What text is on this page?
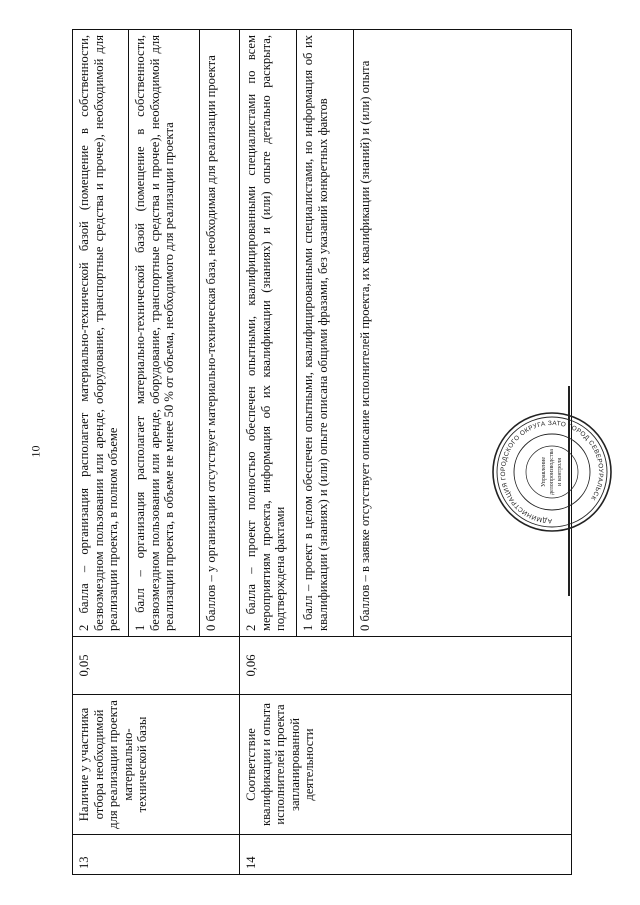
10
13	Наличие у участника отбора необходимой для реализации проекта материально-технической базы	0,05	2 балла – организация располагает материально-технической базой (помещение в собственности, безвозмездном пользовании или аренде, оборудование, транспортные средства и прочее), необходимой для реализации проекта, в полном объеме
			1 балл – организация располагает материально-технической базой (помещение в собственности, безвозмездном пользовании или аренде, оборудование, транспортные средства и прочее), необходимой для реализации проекта, в объеме не менее 50 % от объема, необходимого для реализации проекта
			0 баллов – у организации отсутствует материально-техническая база, необходимая для реализации проекта
14	Соответствие квалификации и опыта исполнителей проекта запланированной деятельности	0,06	2 балла – проект полностью обеспечен опытными, квалифицированными специалистами по всем мероприятиям проекта, информация об их квалификации (знаниях) и (или) опыте детально раскрыта, подтверждена фактами
			1 балл – проект в целом обеспечен опытными, квалифицированными специалистами, но информация об их квалификации (знаниях) и (или) опыте описана общими фразами, без указаний конкретных фактов
			0 баллов – в заявке отсутствует описание исполнителей проекта, их квалификации (знаний) и (или) опыта	АДМИНИСТРАЦИЯ ГОРОДСКОГО ОКРУГА ЗАТО ГОРОД СЕВЕРОУРАЛЬСК
Управление делопроизводства и контроля
